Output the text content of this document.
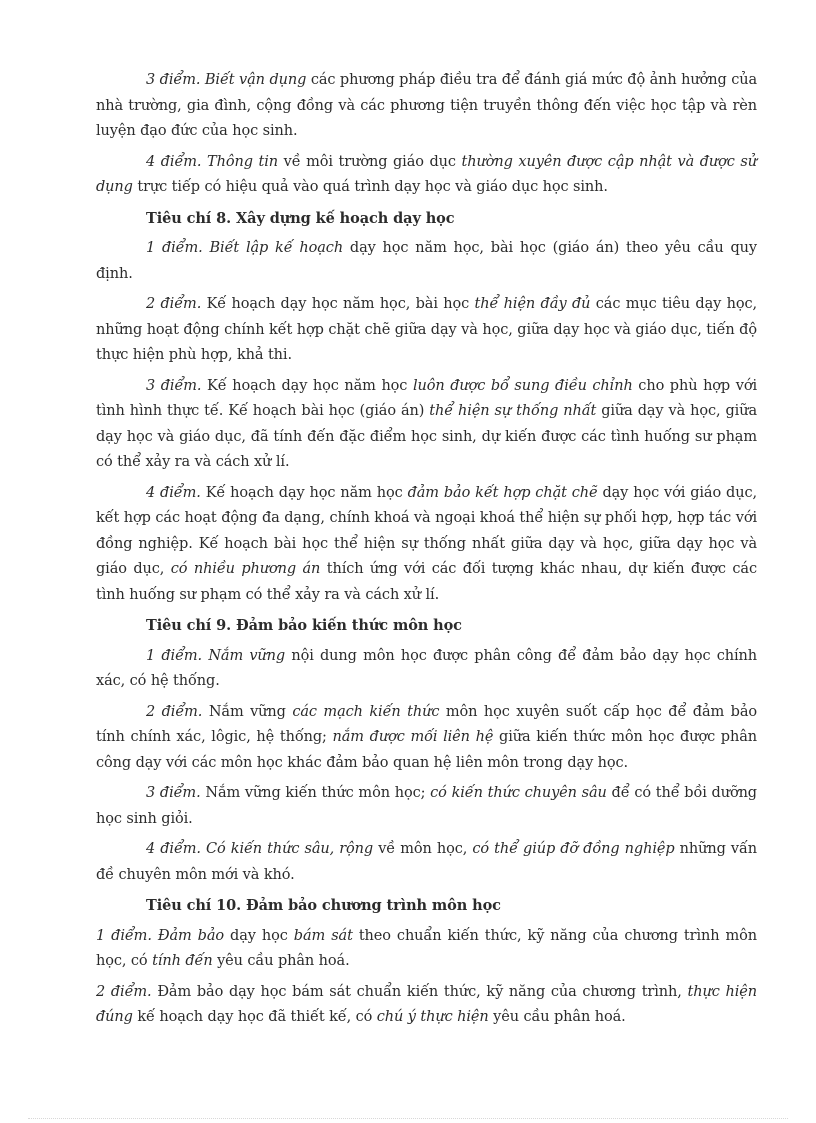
3 điểm. Biết vận dụng các phương pháp điều tra để đánh giá mức độ ảnh hưởng của nhà trường, gia đình, cộng đồng và các phương tiện truyền thông đến việc học tập và rèn luyện đạo đức của học sinh.

4 điểm. Thông tin về môi trường giáo dục thường xuyên được cập nhật và được sử dụng trực tiếp có hiệu quả vào quá trình dạy học và giáo dục học sinh.

Tiêu chí 8. Xây dựng kế hoạch dạy học

1 điểm. Biết lập kế hoạch dạy học năm học, bài học (giáo án) theo yêu cầu quy định.

2 điểm. Kế hoạch dạy học năm học, bài học thể hiện đầy đủ các mục tiêu dạy học, những hoạt động chính kết hợp chặt chẽ giữa dạy và học, giữa dạy học và giáo dục, tiến độ thực hiện phù hợp, khả thi.

3 điểm. Kế hoạch dạy học năm học luôn được bổ sung điều chỉnh cho phù hợp với tình hình thực tế. Kế hoạch bài học (giáo án) thể hiện sự thống nhất giữa dạy và học, giữa dạy học và giáo dục, đã tính đến đặc điểm học sinh, dự kiến được các tình huống sư phạm có thể xảy ra và cách xử lí.

4 điểm. Kế hoạch dạy học năm học đảm bảo kết hợp chặt chẽ dạy học với giáo dục, kết hợp các hoạt động đa dạng, chính khoá và ngoại khoá thể hiện sự phối hợp, hợp tác với đồng nghiệp. Kế hoạch bài học thể hiện sự thống nhất giữa dạy và học, giữa dạy học và giáo dục, có nhiều phương án thích ứng với các đối tượng khác nhau, dự kiến được các tình huống sư phạm có thể xảy ra và cách xử lí.

Tiêu chí 9. Đảm bảo kiến thức môn học

1 điểm. Nắm vững nội dung môn học được phân công để đảm bảo dạy học chính xác, có hệ thống.

2 điểm. Nắm vững các mạch kiến thức môn học xuyên suốt cấp học để đảm bảo tính chính xác, lôgic, hệ thống; nắm được mối liên hệ giữa kiến thức môn học được phân công dạy với các môn học khác đảm bảo quan hệ liên môn trong dạy học.

3 điểm. Nắm vững kiến thức môn học; có kiến thức chuyên sâu để có thể bồi dưỡng học sinh giỏi.

4 điểm. Có kiến thức sâu, rộng về môn học, có thể giúp đỡ đồng nghiệp những vấn đề chuyên môn mới và khó.

Tiêu chí 10. Đảm bảo chương trình môn học

1 điểm. Đảm bảo dạy học bám sát theo chuẩn kiến thức, kỹ năng của chương trình môn học, có tính đến yêu cầu phân hoá.

2 điểm. Đảm bảo dạy học bám sát chuẩn kiến thức, kỹ năng của chương trình, thực hiện đúng kế hoạch dạy học đã thiết kế, có chú ý thực hiện yêu cầu phân hoá.
